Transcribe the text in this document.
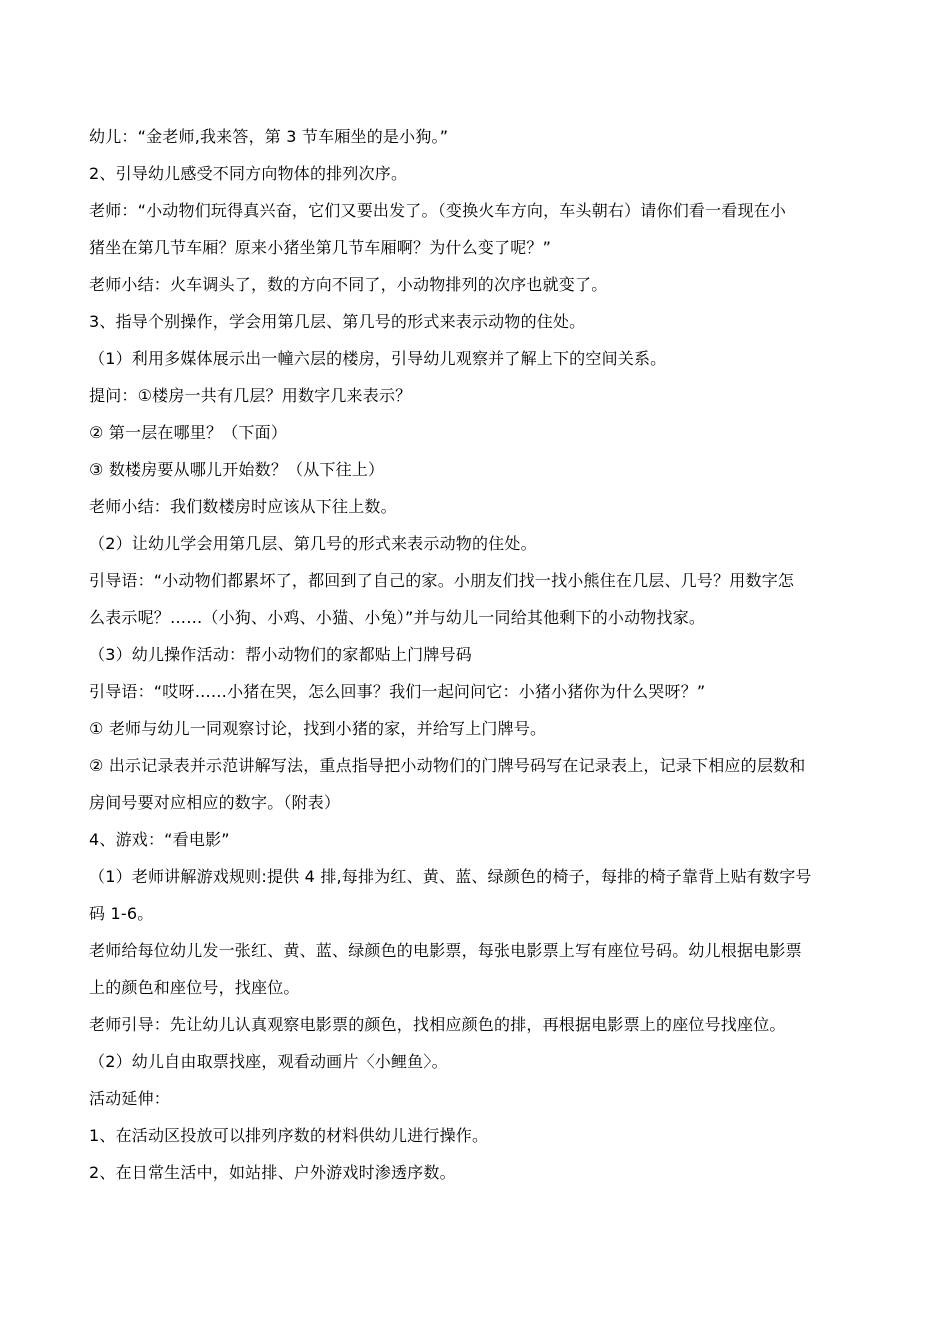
幼儿：“金老师,我来答，第 3 节车厢坐的是小狗。”
2、引导幼儿感受不同方向物体的排列次序。
老师：“小动物们玩得真兴奋，它们又要出发了。（变换火车方向，车头朝右）请你们看一看现在小
猪坐在第几节车厢？原来小猪坐第几节车厢啊？为什么变了呢？”
老师小结：火车调头了，数的方向不同了，小动物排列的次序也就变了。
3、指导个别操作，学会用第几层、第几号的形式来表示动物的住处。
（1）利用多媒体展示出一幢六层的楼房，引导幼儿观察并了解上下的空间关系。
提问：①楼房一共有几层？用数字几来表示？
② 第一层在哪里？（下面）
③ 数楼房要从哪儿开始数？（从下往上）
老师小结：我们数楼房时应该从下往上数。
（2）让幼儿学会用第几层、第几号的形式来表示动物的住处。
引导语：“小动物们都累坏了，都回到了自己的家。小朋友们找一找小熊住在几层、几号？用数字怎
么表示呢？……（小狗、小鸡、小猫、小兔）”并与幼儿一同给其他剩下的小动物找家。
（3）幼儿操作活动：帮小动物们的家都贴上门牌号码
引导语：“哎呀……小猪在哭，怎么回事？我们一起问问它：小猪小猪你为什么哭呀？”
① 老师与幼儿一同观察讨论，找到小猪的家，并给写上门牌号。
② 出示记录表并示范讲解写法，重点指导把小动物们的门牌号码写在记录表上，记录下相应的层数和
房间号要对应相应的数字。（附表）
4、游戏：“看电影”
（1）老师讲解游戏规则:提供 4 排,每排为红、黄、蓝、绿颜色的椅子，每排的椅子靠背上贴有数字号
码 1-6。
老师给每位幼儿发一张红、黄、蓝、绿颜色的电影票，每张电影票上写有座位号码。幼儿根据电影票
上的颜色和座位号，找座位。
老师引导：先让幼儿认真观察电影票的颜色，找相应颜色的排，再根据电影票上的座位号找座位。
（2）幼儿自由取票找座，观看动画片〈小鲤鱼〉。
活动延伸：
1、在活动区投放可以排列序数的材料供幼儿进行操作。
2、在日常生活中，如站排、户外游戏时渗透序数。
